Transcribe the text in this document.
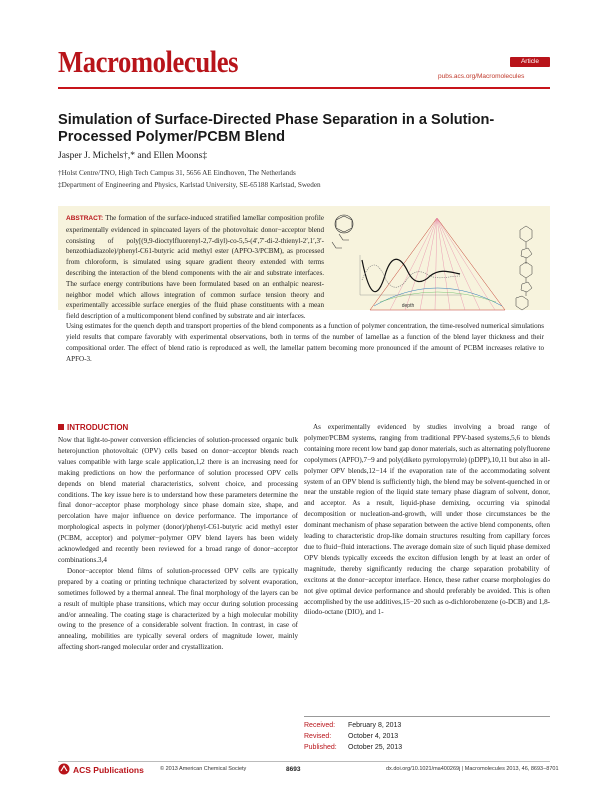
Macromolecules	Article
pubs.acs.org/Macromolecules
Simulation of Surface-Directed Phase Separation in a Solution-Processed Polymer/PCBM Blend
Jasper J. Michels†,* and Ellen Moons‡
†Holst Centre/TNO, High Tech Campus 31, 5656 AE Eindhoven, The Netherlands
‡Department of Engineering and Physics, Karlstad University, SE-65188 Karlstad, Sweden
ABSTRACT: The formation of the surface-induced stratified lamellar composition profile experimentally evidenced in spincoated layers of the photovoltaic donor−acceptor blend consisting of poly[(9,9-dioctylfluorenyl-2,7-diyl)-co-5,5-(4′,7′-di-2-thienyl-2′,1′,3′-benzothiadiazole)/phenyl-C61-butyric acid methyl ester (APFO-3/PCBM), as processed from chloroform, is simulated using square gradient theory extended with terms describing the interaction of the blend components with the air and substrate interfaces. The surface energy contributions have been formulated based on an enthalpic nearest-neighbor model which allows integration of common surface tension theory and experimentally accessible surface energies of the fluid phase constituents with a mean field description of a multicomponent blend confined by substrate and air interfaces.
depth
Using estimates for the quench depth and transport properties of the blend components as a function of polymer concentration, the time-resolved numerical simulations yield results that compare favorably with experimental observations, both in terms of the number of lamellae as a function of the blend layer thickness and their compositional order. The effect of blend ratio is reproduced as well, the lamellar pattern becoming more pronounced if the amount of PCBM increases relative to APFO-3.
INTRODUCTION

Now that light-to-power conversion efficiencies of solution-processed organic bulk heterojunction photovoltaic (OPV) cells based on donor−acceptor blends reach values compatible with large scale application,1,2 there is an increasing need for making predictions on how the performance of solution processed OPV cells depends on blend material characteristics, solvent choice, and processing conditions. The key issue here is to understand how these parameters determine the final donor−acceptor phase morphology since phase domain size, shape, and percolation have major influence on device performance. The importance of morphological aspects in polymer (donor)/phenyl-C61-butyric acid methyl ester (PCBM, acceptor) and polymer−polymer OPV blend layers has been widely acknowledged and recently been reviewed for a broad range of donor−acceptor combinations.3,4

Donor−acceptor blend films of solution-processed OPV cells are typically prepared by a coating or printing technique characterized by solvent evaporation, sometimes followed by a thermal anneal. The final morphology of the layers can be a result of multiple phase transitions, which may occur during solution processing and/or annealing. The coating stage is characterized by a high molecular mobility owing to the presence of a considerable solvent fraction. In contrast, in case of annealing, mobilities are typically several orders of magnitude lower, mainly affecting short-ranged molecular order and crystallization.

As experimentally evidenced by studies involving a broad range of polymer/PCBM systems, ranging from traditional PPV-based systems,5,6 to blends containing more recent low band gap donor materials, such as alternating polyfluorene copolymers (APFO),7−9 and poly(diketo pyrrolopyrrole) (pDPP),10,11 but also in all-polymer OPV blends,12−14 if the evaporation rate of the accommodating solvent system of an OPV blend is sufficiently high, the blend may be solvent-quenched in or near the unstable region of the liquid state ternary phase diagram of solvent, donor, and acceptor. As a result, liquid-phase demixing, occurring via spinodal decomposition or nucleation-and-growth, will under those circumstances be the dominant mechanism of phase separation between the active blend components, often leading to characteristic drop-like domain structures resulting from capillary forces due to fluid−fluid interactions. The average domain size of such liquid phase demixed OPV blends typically exceeds the exciton diffusion length by at least an order of magnitude, thereby significantly reducing the charge separation probability of excitons at the donor−acceptor interface. Hence, these rather coarse morphologies do not give optimal device performance and should preferably be avoided. This is often accomplished by the use additives,15−20 such as o-dichlorobenzene (o-DCB) and 1,8-diiodo-octane (DIO), and 1-

Received: February 8, 2013
Revised: October 4, 2013
Published: October 25, 2013
ACS Publications	© 2013 American Chemical Society	8693	dx.doi.org/10.1021/ma400269j | Macromolecules 2013, 46, 8693−8701
